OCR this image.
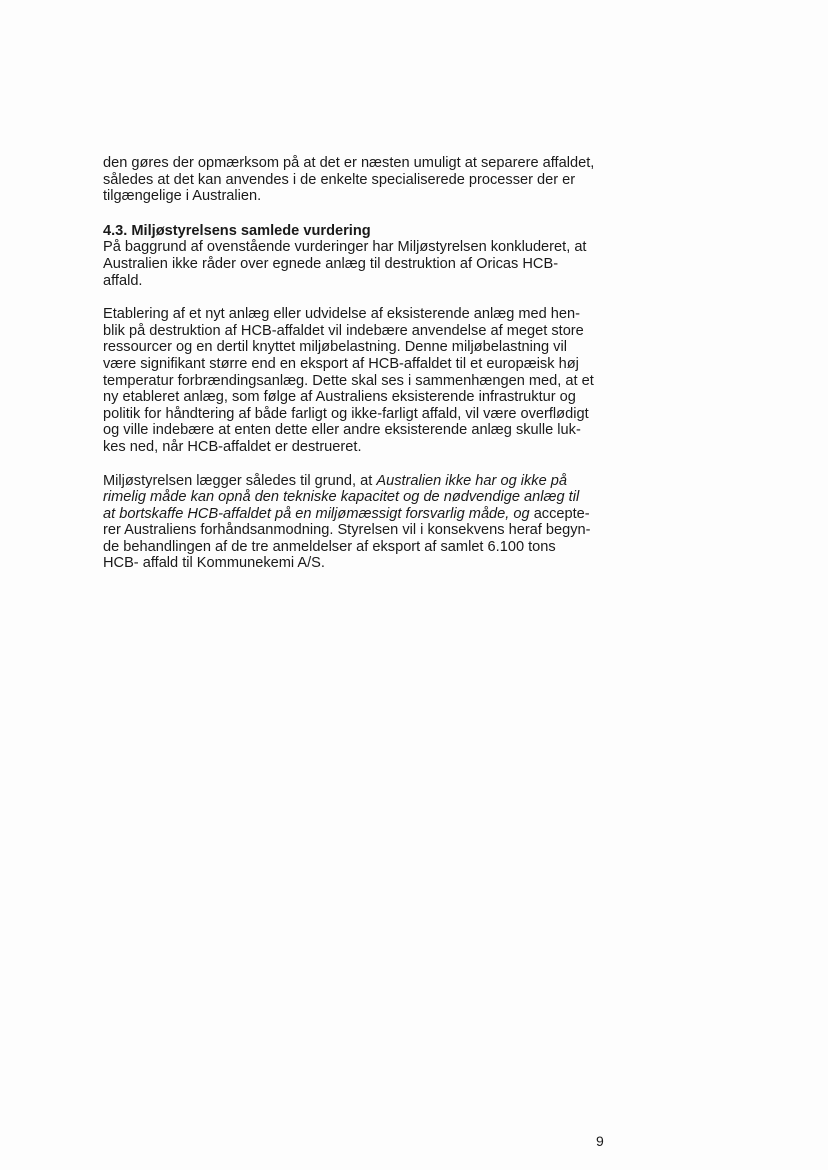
den gøres der opmærksom på at det er næsten umuligt at separere affaldet,
således at det kan anvendes i de enkelte specialiserede processer der er
tilgængelige i Australien.
4.3. Miljøstyrelsens samlede vurdering
På baggrund af ovenstående vurderinger har Miljøstyrelsen konkluderet, at
Australien ikke råder over egnede anlæg til destruktion af Oricas HCB-
affald.
Etablering af et nyt anlæg eller udvidelse af eksisterende anlæg med hen-
blik på destruktion af HCB-affaldet vil indebære anvendelse af meget store
ressourcer og en dertil knyttet miljøbelastning. Denne miljøbelastning vil
være signifikant større end en eksport af HCB-affaldet til et europæisk høj
temperatur forbrændingsanlæg. Dette skal ses i sammenhængen med, at et
ny etableret anlæg, som følge af Australiens eksisterende infrastruktur og
politik for håndtering af både farligt og ikke-farligt affald, vil være overflødigt
og ville indebære at enten dette eller andre eksisterende anlæg skulle luk-
kes ned, når HCB-affaldet er destrueret.
Miljøstyrelsen lægger således til grund, at Australien ikke har og ikke på
rimelig måde kan opnå den tekniske kapacitet og de nødvendige anlæg til
at bortskaffe HCB-affaldet på en miljømæssigt forsvarlig måde, og accepte-
rer Australiens forhåndsanmodning. Styrelsen vil i konsekvens heraf begyn-
de behandlingen af de tre anmeldelser af eksport af samlet 6.100 tons
HCB- affald til Kommunekemi A/S.
9
